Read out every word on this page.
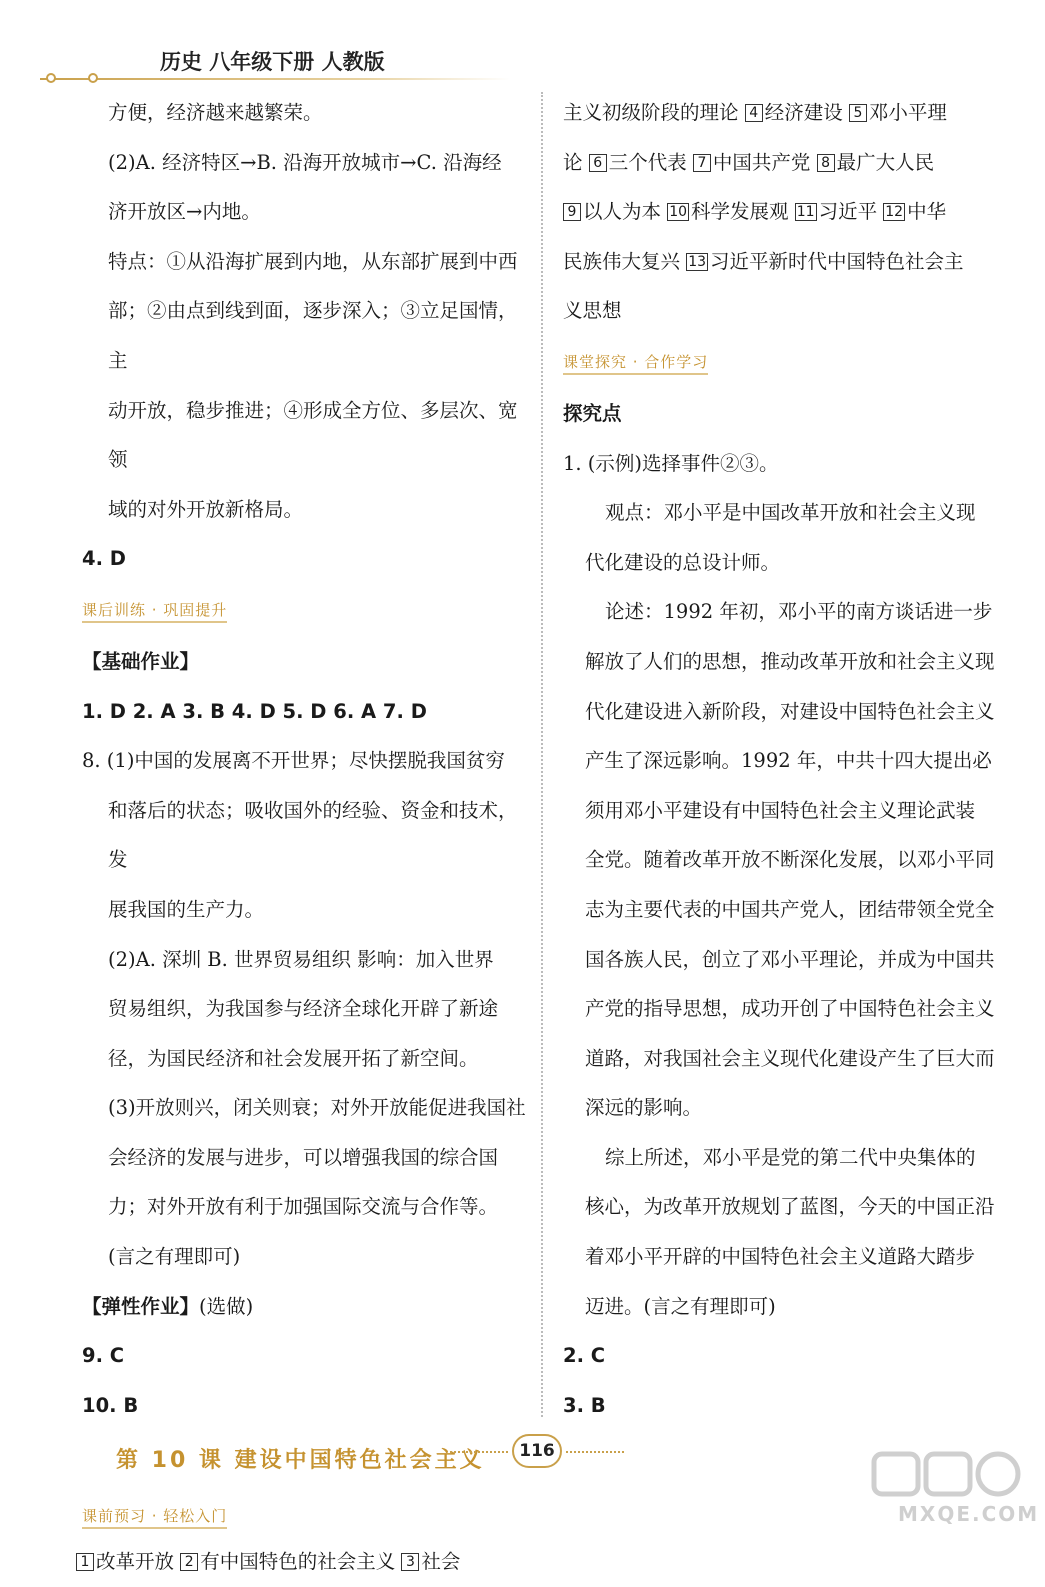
历史 八年级下册 人教版

方便，经济越来越繁荣。

(2)A. 经济特区→B. 沿海开放城市→C. 沿海经

济开放区→内地。

特点：①从沿海扩展到内地，从东部扩展到中西

部；②由点到线到面，逐步深入；③立足国情，主

动开放，稳步推进；④形成全方位、多层次、宽领

域的对外开放新格局。

4. D

课后训练 · 巩固提升

【基础作业】

1. D 2. A 3. B 4. D 5. D 6. A 7. D

8. (1)中国的发展离不开世界；尽快摆脱我国贫穷

和落后的状态；吸收国外的经验、资金和技术，发

展我国的生产力。

(2)A. 深圳 B. 世界贸易组织 影响：加入世界

贸易组织，为我国参与经济全球化开辟了新途

径，为国民经济和社会发展开拓了新空间。

(3)开放则兴，闭关则衰；对外开放能促进我国社

会经济的发展与进步，可以增强我国的综合国

力；对外开放有利于加强国际交流与合作等。

(言之有理即可)

【弹性作业】(选做)

9. C

10. B

第 10 课 建设中国特色社会主义
课前预习 · 轻松入门

1 改革开放 2 有中国特色的社会主义 3 社会

主义初级阶段的理论 4 经济建设 5 邓小平理

论 6 三个代表 7 中国共产党 8 最广大人民

9 以人为本 10 科学发展观 11 习近平 12 中华

民族伟大复兴 13 习近平新时代中国特色社会主

义思想

课堂探究 · 合作学习

探究点

1. (示例)选择事件②③。

观点：邓小平是中国改革开放和社会主义现

代化建设的总设计师。

论述：1992 年初，邓小平的南方谈话进一步

解放了人们的思想，推动改革开放和社会主义现

代化建设进入新阶段，对建设中国特色社会主义

产生了深远影响。1992 年，中共十四大提出必

须用邓小平建设有中国特色社会主义理论武装

全党。随着改革开放不断深化发展，以邓小平同

志为主要代表的中国共产党人，团结带领全党全

国各族人民，创立了邓小平理论，并成为中国共

产党的指导思想，成功开创了中国特色社会主义

道路，对我国社会主义现代化建设产生了巨大而

深远的影响。

综上所述，邓小平是党的第二代中央集体的

核心，为改革开放规划了蓝图，今天的中国正沿

着邓小平开辟的中国特色社会主义道路大踏步

迈进。(言之有理即可)

2. C

3. B

116
MXQE.COM
